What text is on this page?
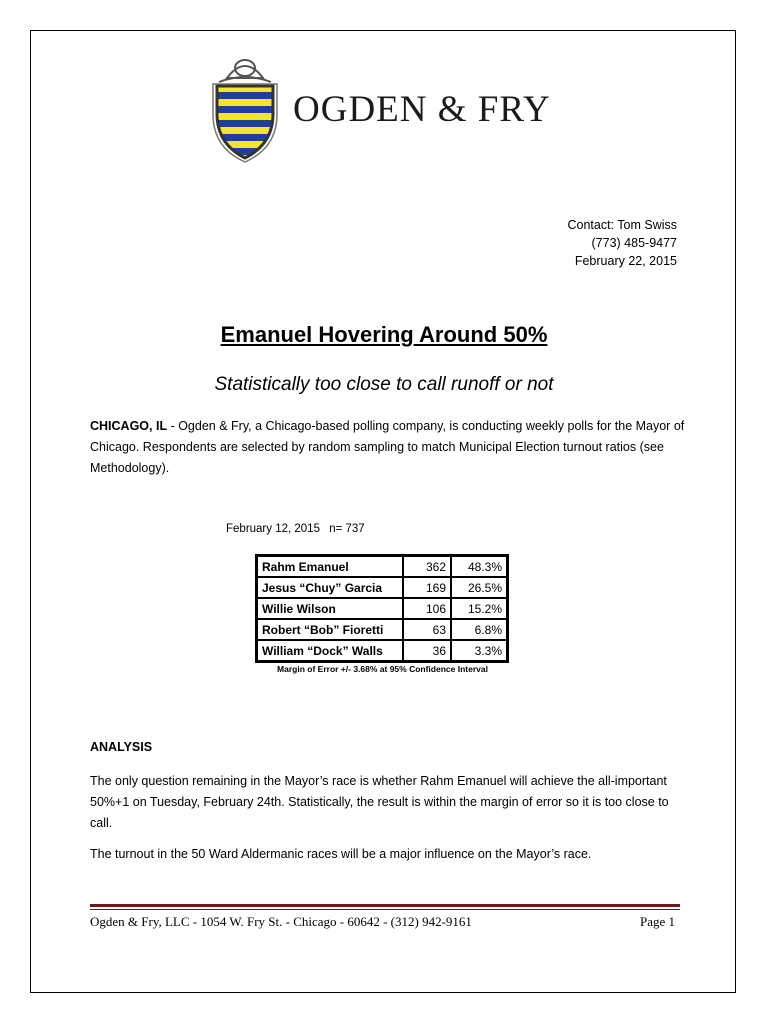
OGDEN & FRY
Contact: Tom Swiss
(773) 485-9477
February 22, 2015
Emanuel Hovering Around 50%
Statistically too close to call runoff or not

CHICAGO, IL - Ogden & Fry, a Chicago-based polling company, is conducting weekly polls for the Mayor of Chicago. Respondents are selected by random sampling to match Municipal Election turnout ratios (see Methodology).

February 12, 2015 n= 737
Rahm Emanuel	362	48.3%
Jesus “Chuy” Garcia	169	26.5%
Willie Wilson	106	15.2%
Robert “Bob” Fioretti	63	6.8%
William “Dock” Walls	36	3.3%
Margin of Error +/- 3.68% at 95% Confidence Interval
ANALYSIS

The only question remaining in the Mayor’s race is whether Rahm Emanuel will achieve the all-important 50%+1 on Tuesday, February 24th. Statistically, the result is within the margin of error so it is too close to call.

The turnout in the 50 Ward Aldermanic races will be a major influence on the Mayor’s race.

Ogden & Fry, LLC - 1054 W. Fry St. - Chicago - 60642 - (312) 942-9161	Page 1
